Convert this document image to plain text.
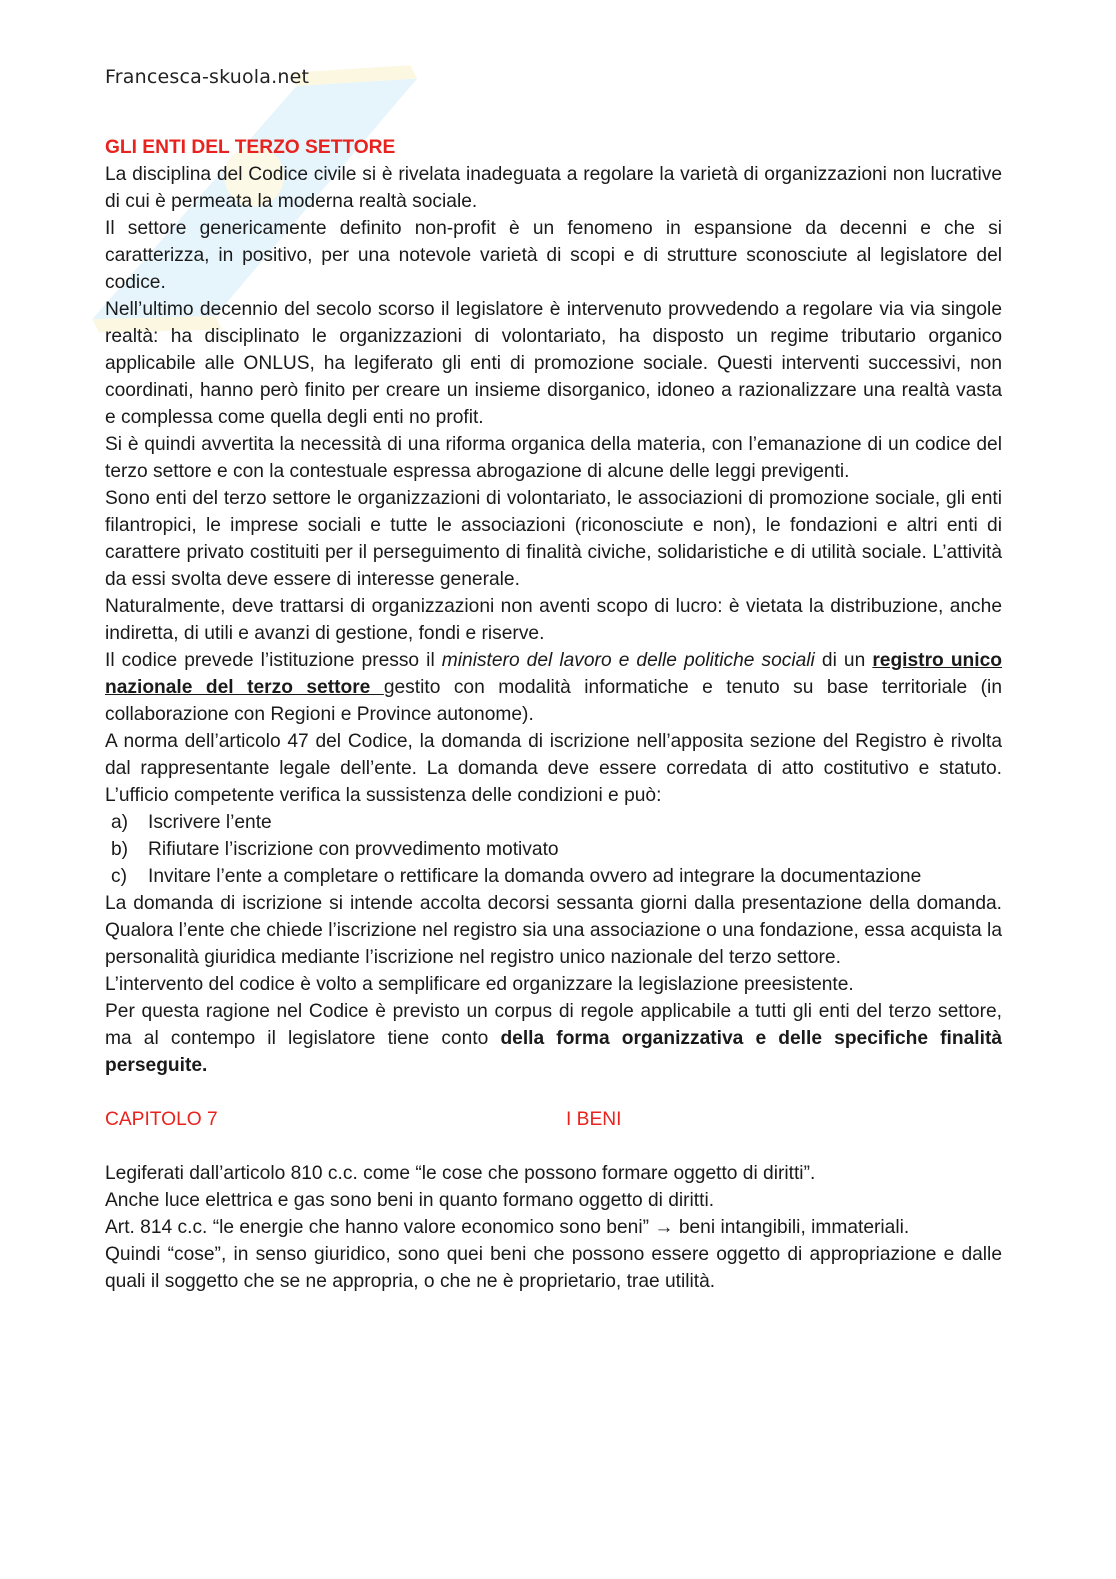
Francesca-skuola.net
GLI ENTI DEL TERZO SETTORE

La disciplina del Codice civile si è rivelata inadeguata a regolare la varietà di organizzazioni non lucrative di cui è permeata la moderna realtà sociale.

Il settore genericamente definito non-profit è un fenomeno in espansione da decenni e che si caratterizza, in positivo, per una notevole varietà di scopi e di strutture sconosciute al legislatore del codice.

Nell’ultimo decennio del secolo scorso il legislatore è intervenuto provvedendo a regolare via via singole realtà: ha disciplinato le organizzazioni di volontariato, ha disposto un regime tributario organico applicabile alle ONLUS, ha legiferato gli enti di promozione sociale. Questi interventi successivi, non coordinati, hanno però finito per creare un insieme disorganico, idoneo a razionalizzare una realtà vasta e complessa come quella degli enti no profit.

Si è quindi avvertita la necessità di una riforma organica della materia, con l’emanazione di un codice del terzo settore e con la contestuale espressa abrogazione di alcune delle leggi previgenti.

Sono enti del terzo settore le organizzazioni di volontariato, le associazioni di promozione sociale, gli enti filantropici, le imprese sociali e tutte le associazioni (riconosciute e non), le fondazioni e altri enti di carattere privato costituiti per il perseguimento di finalità civiche, solidaristiche e di utilità sociale. L’attività da essi svolta deve essere di interesse generale.

Naturalmente, deve trattarsi di organizzazioni non aventi scopo di lucro: è vietata la distribuzione, anche indiretta, di utili e avanzi di gestione, fondi e riserve.

Il codice prevede l’istituzione presso il ministero del lavoro e delle politiche sociali di un registro unico nazionale del terzo settore gestito con modalità informatiche e tenuto su base territoriale (in collaborazione con Regioni e Province autonome).

A norma dell’articolo 47 del Codice, la domanda di iscrizione nell’apposita sezione del Registro è rivolta dal rappresentante legale dell’ente. La domanda deve essere corredata di atto costitutivo e statuto. L’ufficio competente verifica la sussistenza delle condizioni e può:

a)	Iscrivere l’ente
b)	Rifiutare l’iscrizione con provvedimento motivato
c)	Invitare l’ente a completare o rettificare la domanda ovvero ad integrare la documentazione

La domanda di iscrizione si intende accolta decorsi sessanta giorni dalla presentazione della domanda. Qualora l’ente che chiede l’iscrizione nel registro sia una associazione o una fondazione, essa acquista la personalità giuridica mediante l’iscrizione nel registro unico nazionale del terzo settore.

L’intervento del codice è volto a semplificare ed organizzare la legislazione preesistente.

Per questa ragione nel Codice è previsto un corpus di regole applicabile a tutti gli enti del terzo settore, ma al contempo il legislatore tiene conto della forma organizzativa e delle specifiche finalità perseguite.

CAPITOLO 7	I BENI

Legiferati dall’articolo 810 c.c. come “le cose che possono formare oggetto di diritti”.

Anche luce elettrica e gas sono beni in quanto formano oggetto di diritti.

Art. 814 c.c. “le energie che hanno valore economico sono beni” → beni intangibili, immateriali.

Quindi “cose”, in senso giuridico, sono quei beni che possono essere oggetto di appropriazione e dalle quali il soggetto che se ne appropria, o che ne è proprietario, trae utilità.
